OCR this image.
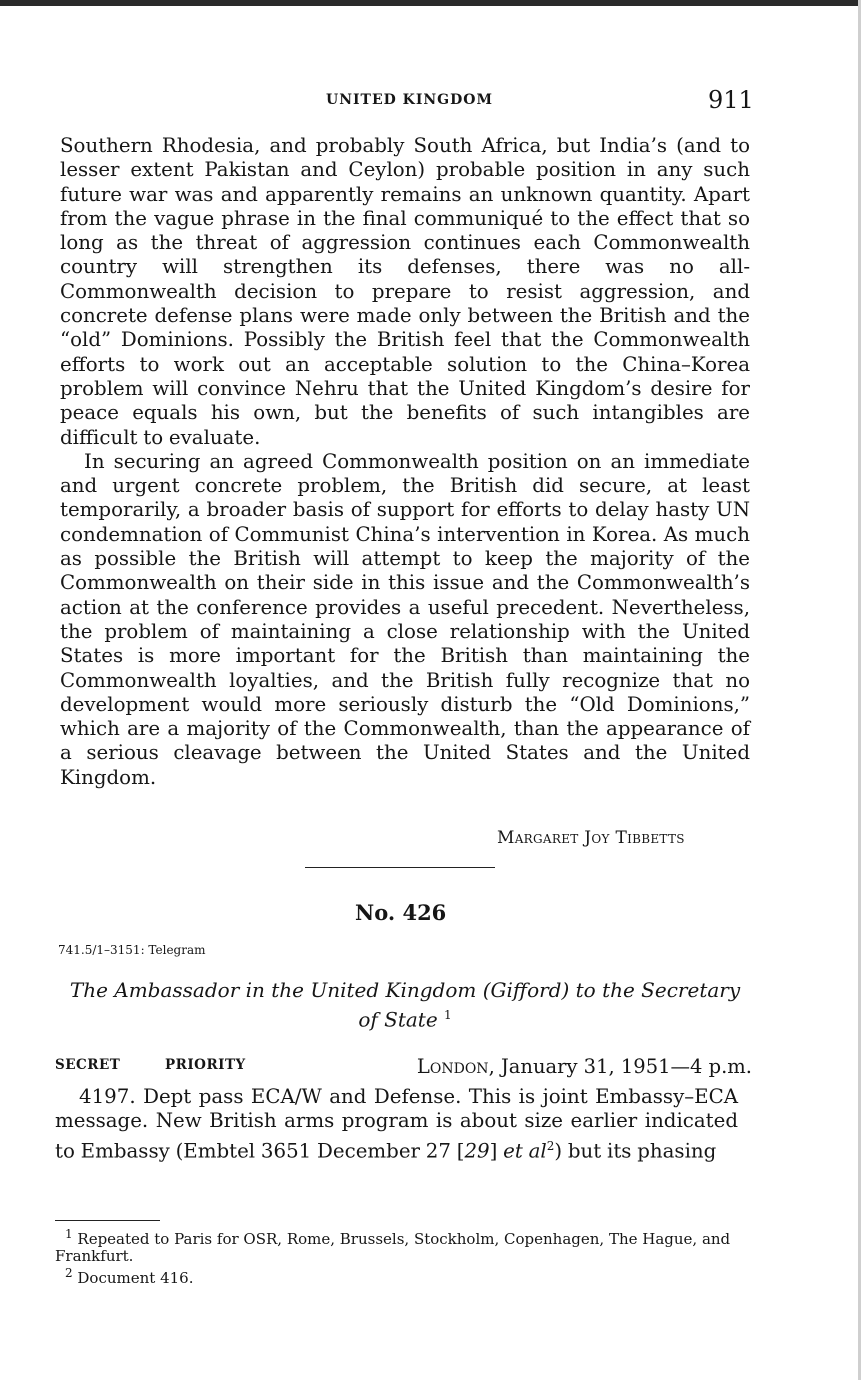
UNITED KINGDOM	911

Southern Rhodesia, and probably South Africa, but India’s (and to lesser extent Pakistan and Ceylon) probable position in any such future war was and apparently remains an unknown quantity. Apart from the vague phrase in the final communiqué to the effect that so long as the threat of aggression continues each Commonwealth country will strengthen its defenses, there was no all-Commonwealth decision to prepare to resist aggression, and concrete defense plans were made only between the British and the “old” Dominions. Possibly the British feel that the Commonwealth efforts to work out an acceptable solution to the China–Korea problem will convince Nehru that the United Kingdom’s desire for peace equals his own, but the benefits of such intangibles are difficult to evaluate.

In securing an agreed Commonwealth position on an immediate and urgent concrete problem, the British did secure, at least temporarily, a broader basis of support for efforts to delay hasty UN condemnation of Communist China’s intervention in Korea. As much as possible the British will attempt to keep the majority of the Commonwealth on their side in this issue and the Commonwealth’s action at the conference provides a useful precedent. Nevertheless, the problem of maintaining a close relationship with the United States is more important for the British than maintaining the Commonwealth loyalties, and the British fully recognize that no development would more seriously disturb the “Old Dominions,” which are a majority of the Commonwealth, than the appearance of a serious cleavage between the United States and the United Kingdom.

Margaret Joy Tibbetts
No. 426
741.5/1–3151: Telegram
The Ambassador in the United Kingdom (Gifford) to the Secretary of State $^1$
SECRET	PRIORITY	London, January 31, 1951—4 p.m.

4197. Dept pass ECA/W and Defense. This is joint Embassy–ECA message. New British arms program is about size earlier indicated to Embassy (Embtel 3651 December 27 [29] et $al^2$) but its phasing

$^1$ Repeated to Paris for OSR, Rome, Brussels, Stockholm, Copenhagen, The Hague, and Frankfurt.

$^2$ Document 416.
